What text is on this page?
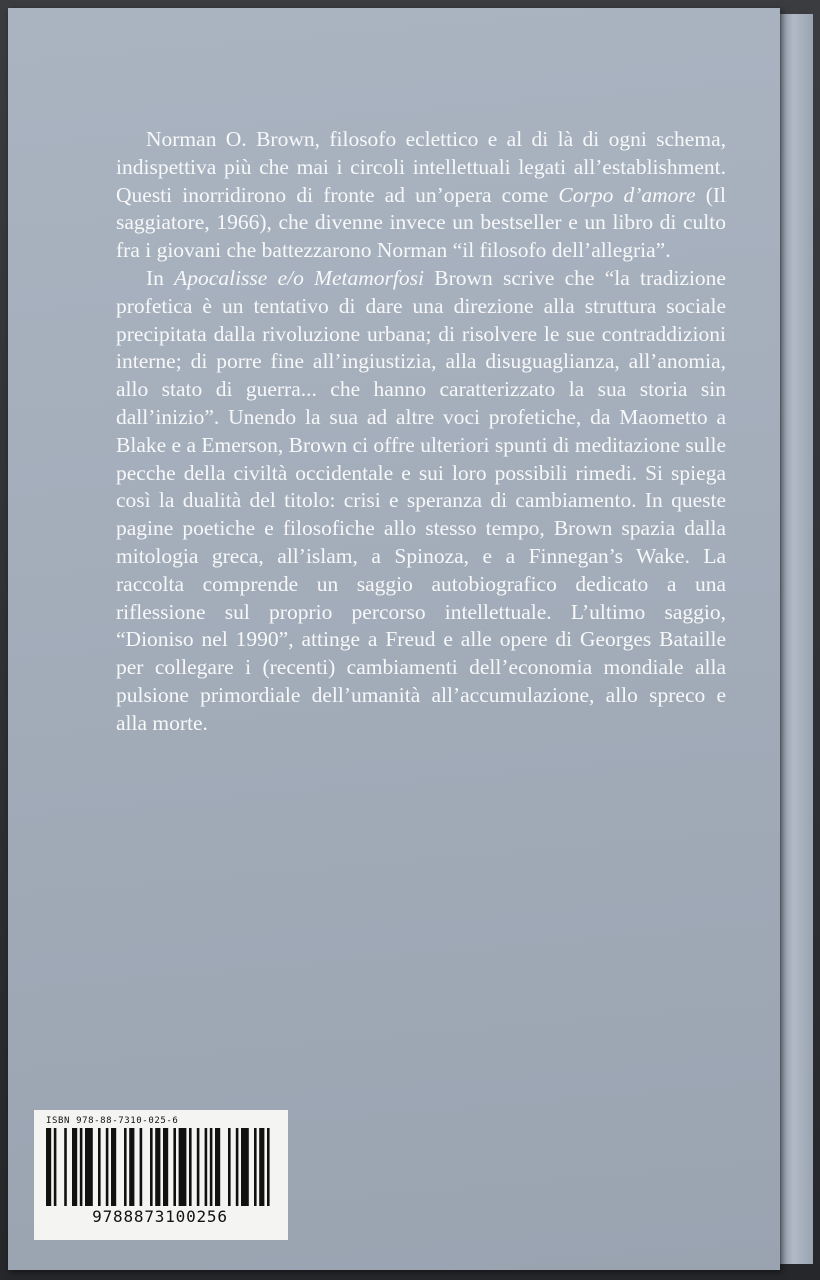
Norman O. Brown, filosofo eclettico e al di là di ogni schema, indispettiva più che mai i circoli intellettuali legati all’establishment. Questi inorridirono di fronte ad un’opera come Corpo d’amore (Il saggiatore, 1966), che divenne invece un bestseller e un libro di culto fra i giovani che battezzarono Norman “il filosofo dell’allegria”.

In Apocalisse e/o Metamorfosi Brown scrive che “la tradizione profetica è un tentativo di dare una direzione alla struttura sociale precipitata dalla rivoluzione urbana; di risolvere le sue contraddizioni interne; di porre fine all’ingiustizia, alla disuguaglianza, all’anomia, allo stato di guerra... che hanno caratterizzato la sua storia sin dall’inizio”. Unendo la sua ad altre voci profetiche, da Maometto a Blake e a Emerson, Brown ci offre ulteriori spunti di meditazione sulle pecche della civiltà occidentale e sui loro possibili rimedi. Si spiega così la dualità del titolo: crisi e speranza di cambiamento. In queste pagine poetiche e filosofiche allo stesso tempo, Brown spazia dalla mitologia greca, all’islam, a Spinoza, e a Finnegan’s Wake. La raccolta comprende un saggio autobiografico dedicato a una riflessione sul proprio percorso intellettuale. L’ultimo saggio, “Dioniso nel 1990”, attinge a Freud e alle opere di Georges Bataille per collegare i (recenti) cambiamenti dell’economia mondiale alla pulsione primordiale dell’umanità all’accumulazione, allo spreco e alla morte.

ISBN 978-88-7310-025-6
9788873100256
